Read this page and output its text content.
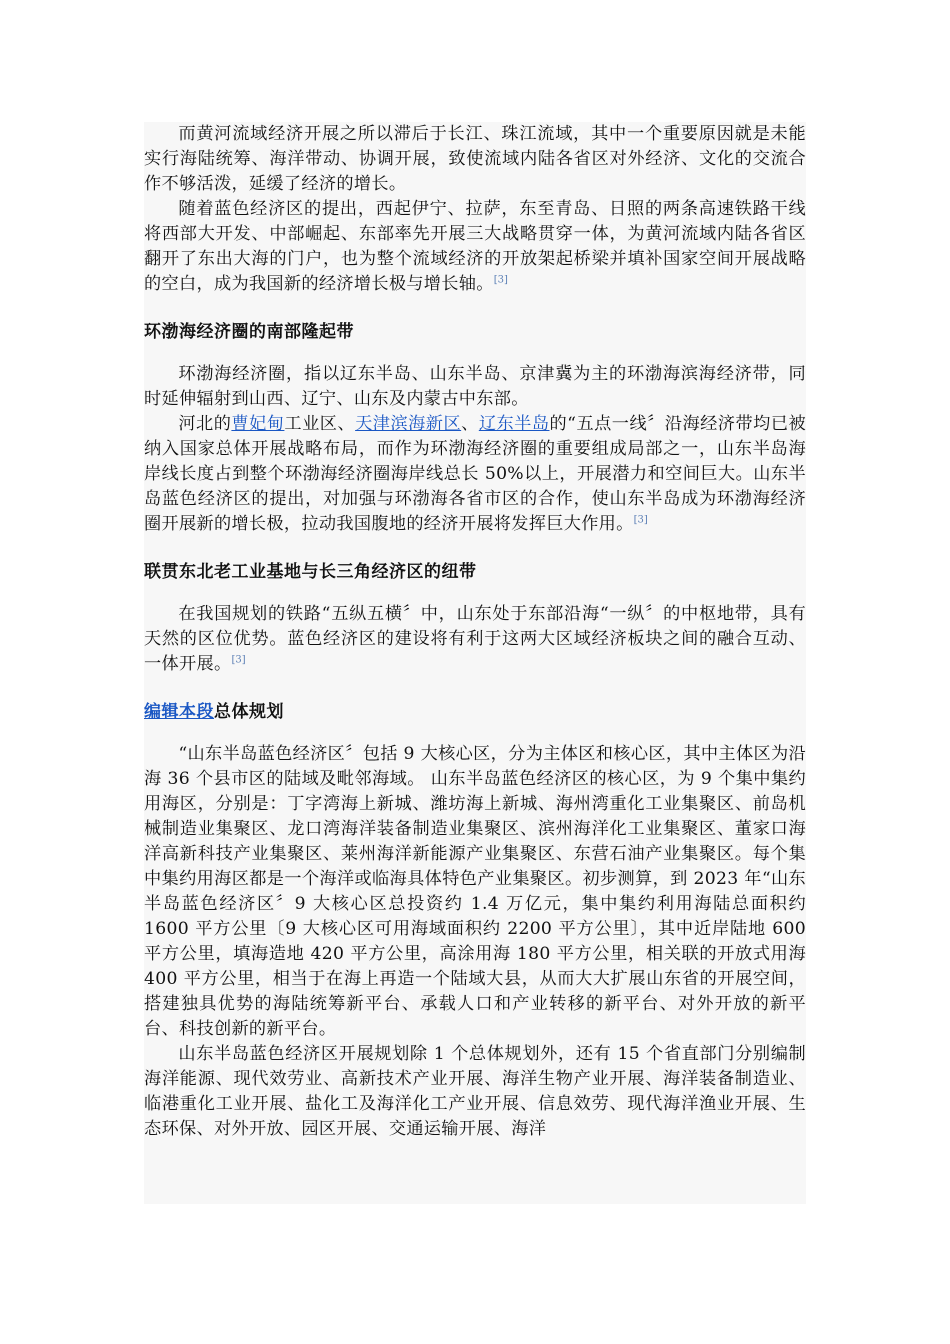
而黄河流域经济开展之所以滞后于长江、珠江流域，其中一个重要原因就是未能实行海陆统筹、海洋带动、协调开展，致使流域内陆各省区对外经济、文化的交流合作不够活泼，延缓了经济的增长。

随着蓝色经济区的提出，西起伊宁、拉萨，东至青岛、日照的两条高速铁路干线将西部大开发、中部崛起、东部率先开展三大战略贯穿一体，为黄河流域内陆各省区翻开了东出大海的门户，也为整个流域经济的开放架起桥梁并填补国家空间开展战略的空白，成为我国新的经济增长极与增长轴。[3]

环渤海经济圈的南部隆起带

环渤海经济圈，指以辽东半岛、山东半岛、京津冀为主的环渤海滨海经济带，同时延伸辐射到山西、辽宁、山东及内蒙古中东部。

河北的曹妃甸工业区、天津滨海新区、辽东半岛的“五点一线〞沿海经济带均已被纳入国家总体开展战略布局，而作为环渤海经济圈的重要组成局部之一，山东半岛海岸线长度占到整个环渤海经济圈海岸线总长 50%以上，开展潜力和空间巨大。山东半岛蓝色经济区的提出，对加强与环渤海各省市区的合作，使山东半岛成为环渤海经济圈开展新的增长极，拉动我国腹地的经济开展将发挥巨大作用。[3]

联贯东北老工业基地与长三角经济区的纽带

在我国规划的铁路“五纵五横〞中，山东处于东部沿海“一纵〞的中枢地带，具有天然的区位优势。蓝色经济区的建设将有利于这两大区域经济板块之间的融合互动、一体开展。[3]

编辑本段总体规划

“山东半岛蓝色经济区〞包括 9 大核心区，分为主体区和核心区，其中主体区为沿海 36 个县市区的陆域及毗邻海域。 山东半岛蓝色经济区的核心区，为 9 个集中集约用海区，分别是：丁字湾海上新城、潍坊海上新城、海州湾重化工业集聚区、前岛机械制造业集聚区、龙口湾海洋装备制造业集聚区、滨州海洋化工业集聚区、董家口海洋高新科技产业集聚区、莱州海洋新能源产业集聚区、东营石油产业集聚区。每个集中集约用海区都是一个海洋或临海具体特色产业集聚区。初步测算，到 2023 年“山东半岛蓝色经济区〞9 大核心区总投资约 1.4 万亿元，集中集约利用海陆总面积约 1600 平方公里〔9 大核心区可用海域面积约 2200 平方公里〕，其中近岸陆地 600 平方公里，填海造地 420 平方公里，高涂用海 180 平方公里，相关联的开放式用海 400 平方公里，相当于在海上再造一个陆域大县，从而大大扩展山东省的开展空间，搭建独具优势的海陆统筹新平台、承载人口和产业转移的新平台、对外开放的新平台、科技创新的新平台。

山东半岛蓝色经济区开展规划除 1 个总体规划外，还有 15 个省直部门分别编制海洋能源、现代效劳业、高新技术产业开展、海洋生物产业开展、海洋装备制造业、临港重化工业开展、盐化工及海洋化工产业开展、信息效劳、现代海洋渔业开展、生态环保、对外开放、园区开展、交通运输开展、海洋
